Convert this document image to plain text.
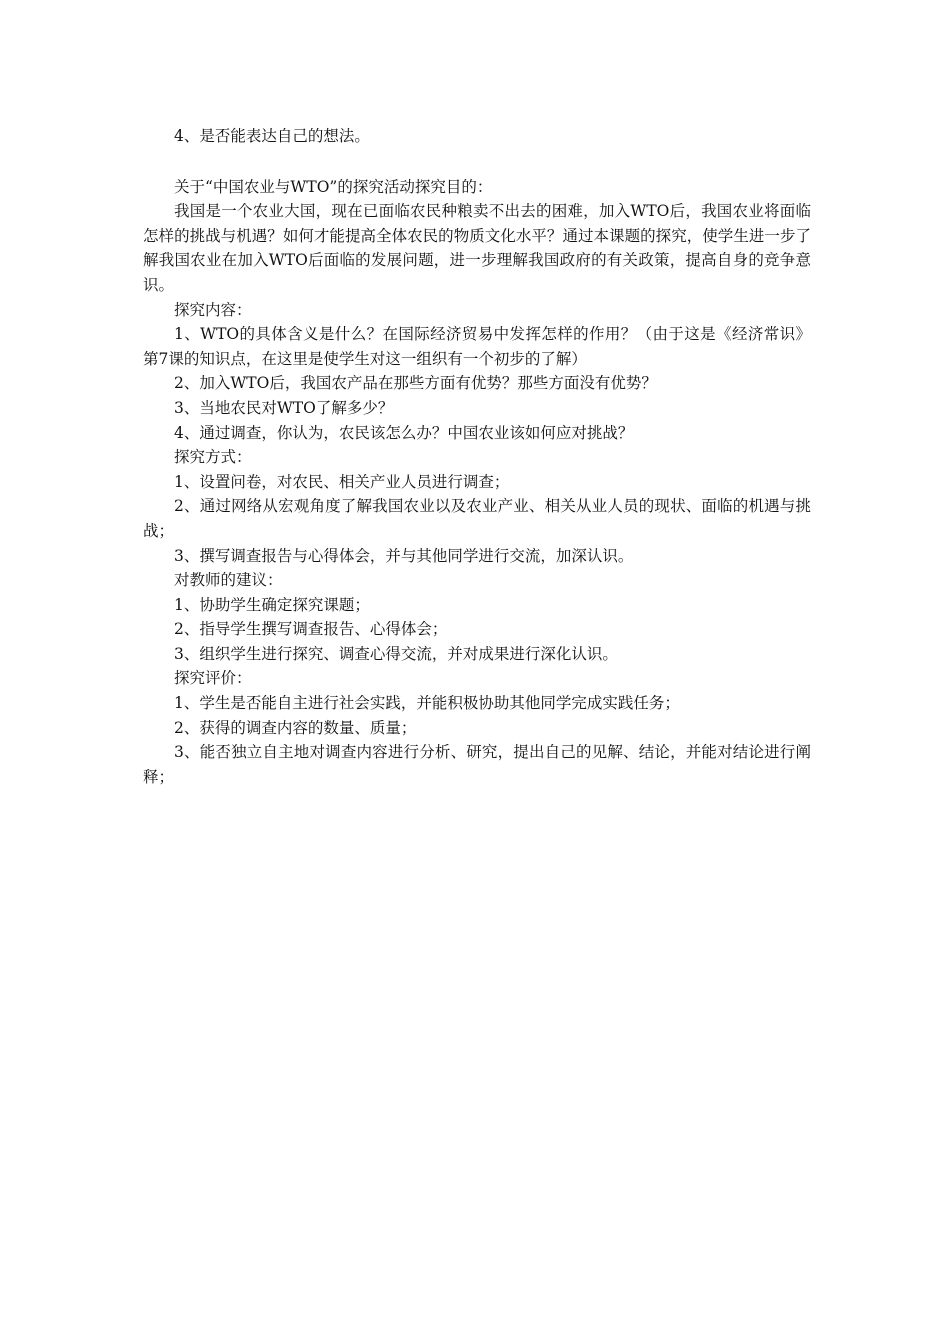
4、是否能表达自己的想法。

关于“中国农业与WTO”的探究活动探究目的：

我国是一个农业大国，现在已面临农民种粮卖不出去的困难，加入WTO后，我国农业将面临怎样的挑战与机遇？如何才能提高全体农民的物质文化水平？通过本课题的探究，使学生进一步了解我国农业在加入WTO后面临的发展问题，进一步理解我国政府的有关政策，提高自身的竞争意识。

探究内容：

1、WTO的具体含义是什么？在国际经济贸易中发挥怎样的作用？（由于这是《经济常识》第7课的知识点，在这里是使学生对这一组织有一个初步的了解）

2、加入WTO后，我国农产品在那些方面有优势？那些方面没有优势？

3、当地农民对WTO了解多少？

4、通过调查，你认为，农民该怎么办？中国农业该如何应对挑战？

探究方式：

1、设置问卷，对农民、相关产业人员进行调查；

2、通过网络从宏观角度了解我国农业以及农业产业、相关从业人员的现状、面临的机遇与挑战；

3、撰写调查报告与心得体会，并与其他同学进行交流，加深认识。

对教师的建议：

1、协助学生确定探究课题；

2、指导学生撰写调查报告、心得体会；

3、组织学生进行探究、调查心得交流，并对成果进行深化认识。

探究评价：

1、学生是否能自主进行社会实践，并能积极协助其他同学完成实践任务；

2、获得的调查内容的数量、质量；

3、能否独立自主地对调查内容进行分析、研究，提出自己的见解、结论，并能对结论进行阐释；
